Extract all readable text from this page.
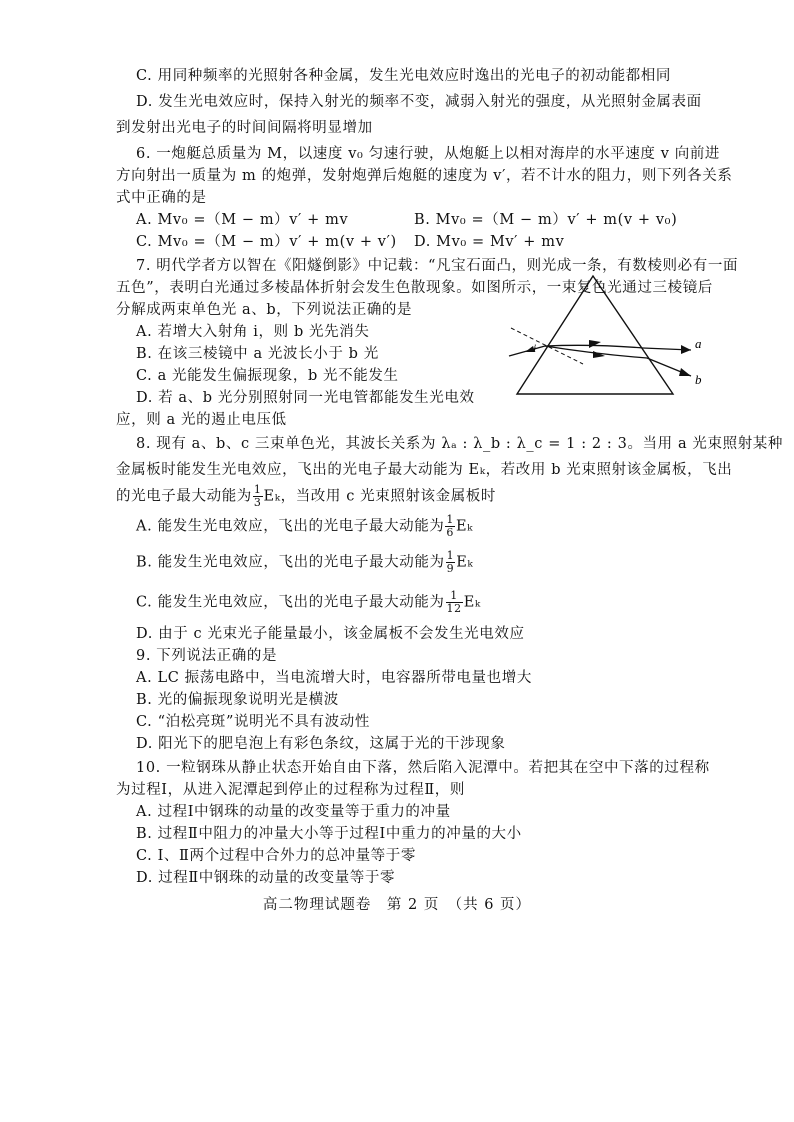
C. 用同种频率的光照射各种金属，发生光电效应时逸出的光电子的初动能都相同
D. 发生光电效应时，保持入射光的频率不变，减弱入射光的强度，从光照射金属表面
到发射出光电子的时间间隔将明显增加
6. 一炮艇总质量为 M，以速度 v₀ 匀速行驶，从炮艇上以相对海岸的水平速度 v 向前进
方向射出一质量为 m 的炮弹，发射炮弹后炮艇的速度为 v′，若不计水的阻力，则下列各关系
式中正确的是
A. Mv₀ =（M − m）v′ + mv	B. Mv₀ =（M − m）v′ + m(v + v₀)
C. Mv₀ =（M − m）v′ + m(v + v′) D. Mv₀ = Mv′ + mv
7. 明代学者方以智在《阳燧倒影》中记载：“凡宝石面凸，则光成一条，有数棱则必有一面
五色”，表明白光通过多棱晶体折射会发生色散现象。如图所示，一束复色光通过三棱镜后
分解成两束单色光 a、b，下列说法正确的是
A. 若增大入射角 i，则 b 光先消失
B. 在该三棱镜中 a 光波长小于 b 光
C. a 光能发生偏振现象，b 光不能发生
D. 若 a、b 光分别照射同一光电管都能发生光电效
应，则 a 光的遏止电压低
i	a
b
8. 现有 a、b、c 三束单色光，其波长关系为 λₐ : λ_b : λ_c = 1 : 2 : 3。当用 a 光束照射某种
金属板时能发生光电效应，飞出的光电子最大动能为 Eₖ，若改用 b 光束照射该金属板，飞出
的光电子最大动能为 $\frac{1}{3}$ Eₖ，当改用 c 光束照射该金属板时
A. 能发生光电效应，飞出的光电子最大动能为 $\frac{1}{6}$ Eₖ
B. 能发生光电效应，飞出的光电子最大动能为 $\frac{1}{9}$ Eₖ
C. 能发生光电效应，飞出的光电子最大动能为 $\frac{1}{12}$ Eₖ
D. 由于 c 光束光子能量最小，该金属板不会发生光电效应
9. 下列说法正确的是
A. LC 振荡电路中，当电流增大时，电容器所带电量也增大
B. 光的偏振现象说明光是横波
C. “泊松亮斑”说明光不具有波动性
D. 阳光下的肥皂泡上有彩色条纹，这属于光的干涉现象
10. 一粒钢珠从静止状态开始自由下落，然后陷入泥潭中。若把其在空中下落的过程称
为过程Ⅰ，从进入泥潭起到停止的过程称为过程Ⅱ，则
A. 过程Ⅰ中钢珠的动量的改变量等于重力的冲量
B. 过程Ⅱ中阻力的冲量大小等于过程Ⅰ中重力的冲量的大小
C. Ⅰ、Ⅱ两个过程中合外力的总冲量等于零
D. 过程Ⅱ中钢珠的动量的改变量等于零
高二物理试题卷　第 2 页　（共 6 页）
